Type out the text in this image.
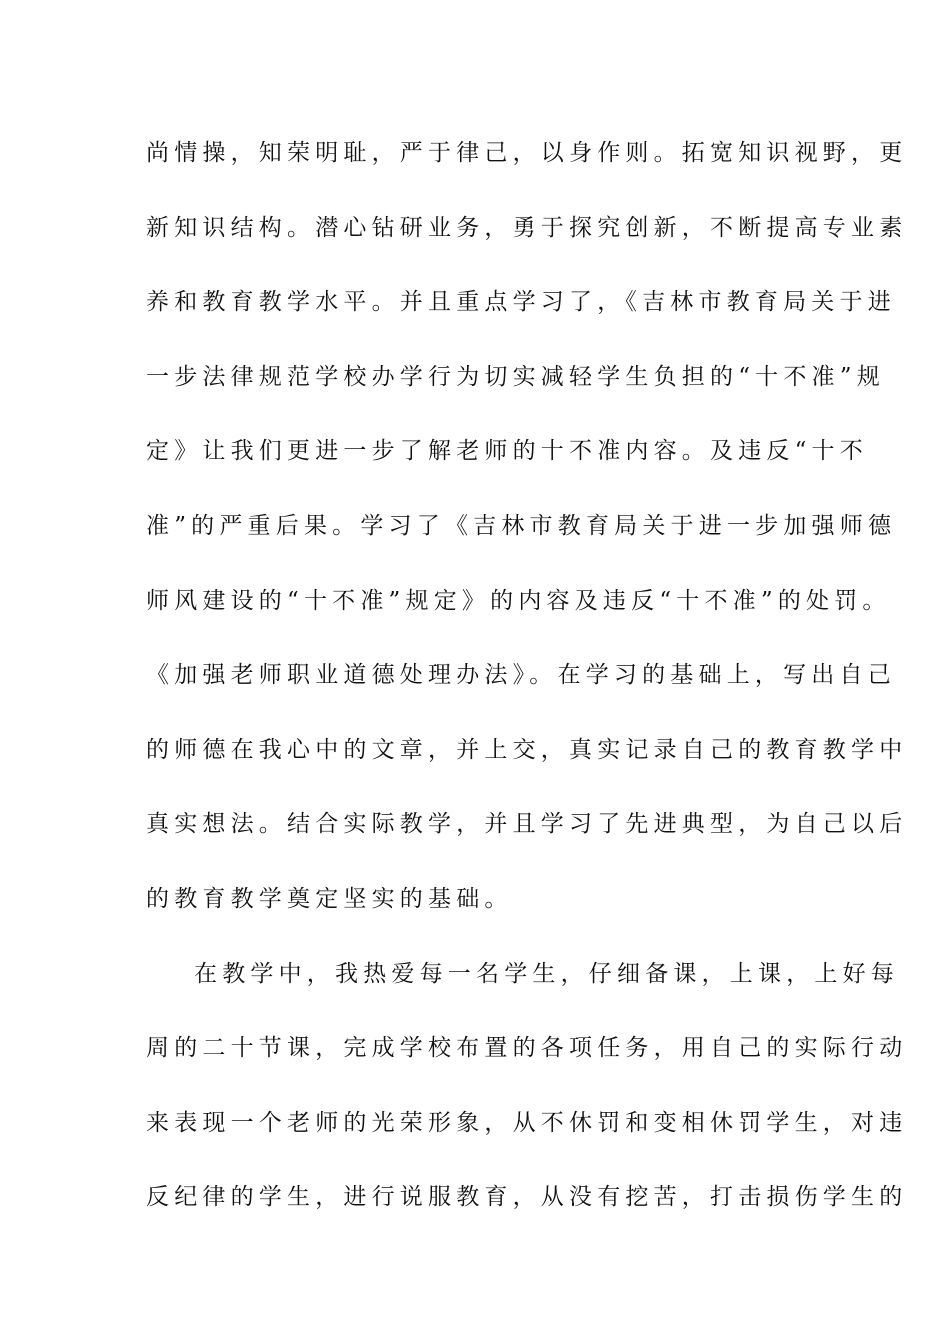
尚情操，知荣明耻，严于律己，以身作则。拓宽知识视野，更
新知识结构。潜心钻研业务，勇于探究创新，不断提高专业素
养和教育教学水平。并且重点学习了，《吉林市教育局关于进
一步法律规范学校办学行为切实减轻学生负担的“十不准”规
定》让我们更进一步了解老师的十不准内容。及违反“十不
准”的严重后果。学习了《吉林市教育局关于进一步加强师德
师风建设的“十不准”规定》的内容及违反“十不准”的处罚。
《加强老师职业道德处理办法》。在学习的基础上，写出自己
的师德在我心中的文章，并上交，真实记录自己的教育教学中
真实想法。结合实际教学，并且学习了先进典型，为自己以后
的教育教学奠定坚实的基础。
在教学中，我热爱每一名学生，仔细备课，上课，上好每
周的二十节课，完成学校布置的各项任务，用自己的实际行动
来表现一个老师的光荣形象，从不休罚和变相休罚学生，对违
反纪律的学生，进行说服教育，从没有挖苦，打击损伤学生的
